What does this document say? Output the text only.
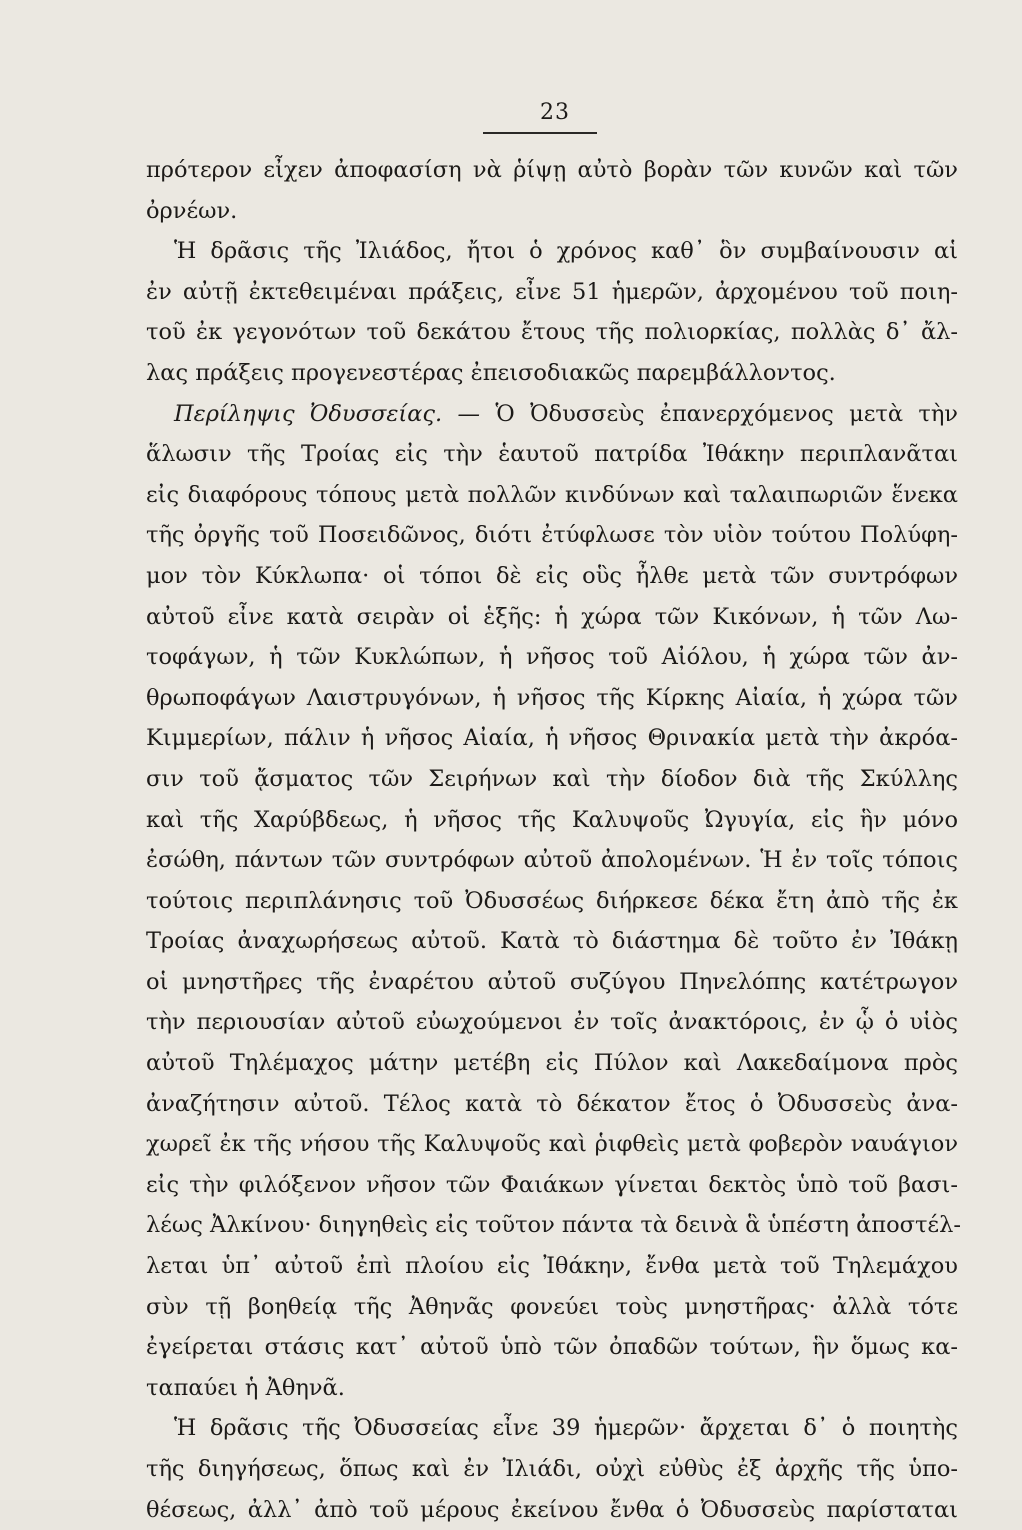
23
πρότερον εἶχεν ἀποφασίση νὰ ῥίψῃ αὐτὸ βορὰν τῶν κυνῶν καὶ τῶν
ὀρνέων.
Ἡ δρᾶσις τῆς Ἰλιάδος, ἤτοι ὁ χρόνος καθ᾽ ὃν συμβαίνουσιν αἱ
ἐν αὐτῇ ἐκτεθειμέναι πράξεις, εἶνε 51 ἡμερῶν, ἀρχομένου τοῦ ποιη-
τοῦ ἐκ γεγονότων τοῦ δεκάτου ἔτους τῆς πολιορκίας, πολλὰς δ᾽ ἄλ-
λας πράξεις προγενεστέρας ἐπεισοδιακῶς παρεμβάλλοντος.
Περίληψις Ὀδυσσείας. — Ὁ Ὀδυσσεὺς ἐπανερχόμενος μετὰ τὴν
ἅλωσιν τῆς Τροίας εἰς τὴν ἑαυτοῦ πατρίδα Ἰθάκην περιπλανᾶται
εἰς διαφόρους τόπους μετὰ πολλῶν κινδύνων καὶ ταλαιπωριῶν ἕνεκα
τῆς ὀργῆς τοῦ Ποσειδῶνος, διότι ἐτύφλωσε τὸν υἱὸν τούτου Πολύφη-
μον τὸν Κύκλωπα· οἱ τόποι δὲ εἰς οὓς ἦλθε μετὰ τῶν συντρόφων
αὐτοῦ εἶνε κατὰ σειρὰν οἱ ἑξῆς: ἡ χώρα τῶν Κικόνων, ἡ τῶν Λω-
τοφάγων, ἡ τῶν Κυκλώπων, ἡ νῆσος τοῦ Αἰόλου, ἡ χώρα τῶν ἀν-
θρωποφάγων Λαιστρυγόνων, ἡ νῆσος τῆς Κίρκης Αἰαία, ἡ χώρα τῶν
Κιμμερίων, πάλιν ἡ νῆσος Αἰαία, ἡ νῆσος Θρινακία μετὰ τὴν ἀκρόα-
σιν τοῦ ᾄσματος τῶν Σειρήνων καὶ τὴν δίοδον διὰ τῆς Σκύλλης
καὶ τῆς Χαρύβδεως, ἡ νῆσος τῆς Καλυψοῦς Ὠγυγία, εἰς ἣν μόνο
ἐσώθη, πάντων τῶν συντρόφων αὐτοῦ ἀπολομένων. Ἡ ἐν τοῖς τόποις
τούτοις περιπλάνησις τοῦ Ὀδυσσέως διήρκεσε δέκα ἔτη ἀπὸ τῆς ἐκ
Τροίας ἀναχωρήσεως αὐτοῦ. Κατὰ τὸ διάστημα δὲ τοῦτο ἐν Ἰθάκῃ
οἱ μνηστῆρες τῆς ἐναρέτου αὐτοῦ συζύγου Πηνελόπης κατέτρωγον
τὴν περιουσίαν αὐτοῦ εὐωχούμενοι ἐν τοῖς ἀνακτόροις, ἐν ᾧ ὁ υἱὸς
αὐτοῦ Τηλέμαχος μάτην μετέβη εἰς Πύλον καὶ Λακεδαίμονα πρὸς
ἀναζήτησιν αὐτοῦ. Τέλος κατὰ τὸ δέκατον ἔτος ὁ Ὀδυσσεὺς ἀνα-
χωρεῖ ἐκ τῆς νήσου τῆς Καλυψοῦς καὶ ῥιφθεὶς μετὰ φοβερὸν ναυάγιον
εἰς τὴν φιλόξενον νῆσον τῶν Φαιάκων γίνεται δεκτὸς ὑπὸ τοῦ βασι-
λέως Ἀλκίνου· διηγηθεὶς εἰς τοῦτον πάντα τὰ δεινὰ ἃ ὑπέστη ἀποστέλ-
λεται ὑπ᾽ αὐτοῦ ἐπὶ πλοίου εἰς Ἰθάκην, ἔνθα μετὰ τοῦ Τηλεμάχου
σὺν τῇ βοηθείᾳ τῆς Ἀθηνᾶς φονεύει τοὺς μνηστῆρας· ἀλλὰ τότε
ἐγείρεται στάσις κατ᾽ αὐτοῦ ὑπὸ τῶν ὀπαδῶν τούτων, ἣν ὅμως κα-
ταπαύει ἡ Ἀθηνᾶ.
Ἡ δρᾶσις τῆς Ὀδυσσείας εἶνε 39 ἡμερῶν· ἄρχεται δ᾽ ὁ ποιητὴς
τῆς διηγήσεως, ὅπως καὶ ἐν Ἰλιάδι, οὐχὶ εὐθὺς ἐξ ἀρχῆς τῆς ὑπο-
θέσεως, ἀλλ᾽ ἀπὸ τοῦ μέρους ἐκείνου ἔνθα ὁ Ὀδυσσεὺς παρίσταται
